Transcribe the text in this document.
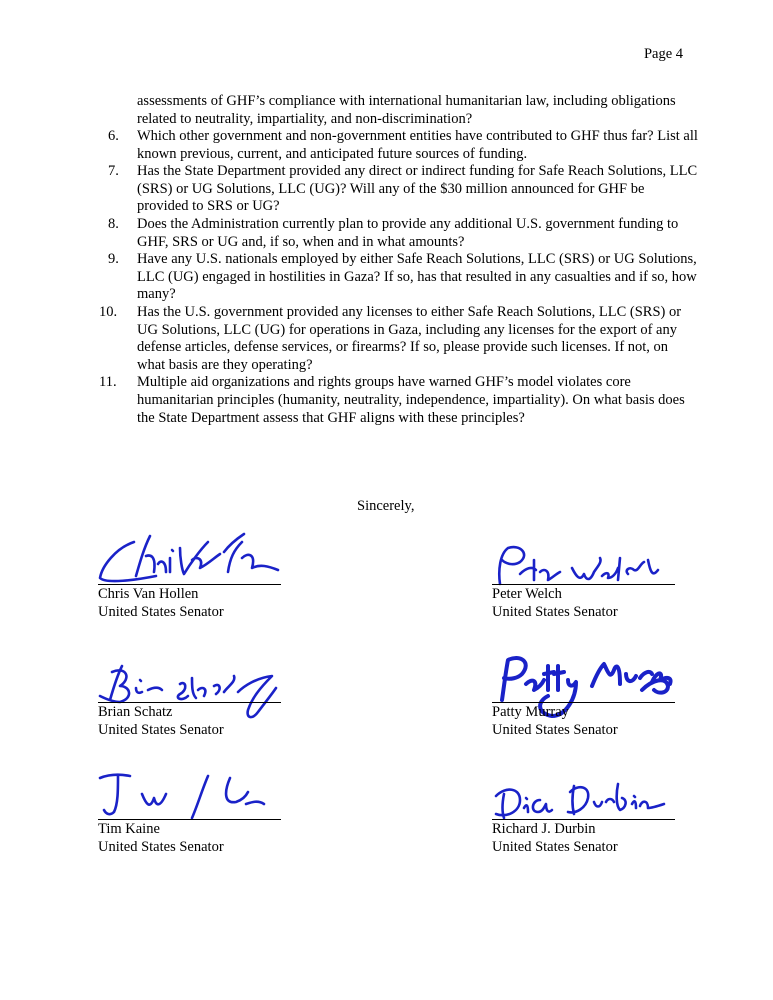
Page 4
assessments of GHF’s compliance with international humanitarian law, including obligations related to neutrality, impartiality, and non-discrimination?
6.	Which other government and non-government entities have contributed to GHF thus far? List all known previous, current, and anticipated future sources of funding.
7.	Has the State Department provided any direct or indirect funding for Safe Reach Solutions, LLC (SRS) or UG Solutions, LLC (UG)? Will any of the $30 million announced for GHF be provided to SRS or UG?
8.	Does the Administration currently plan to provide any additional U.S. government funding to GHF, SRS or UG and, if so, when and in what amounts?
9.	Have any U.S. nationals employed by either Safe Reach Solutions, LLC (SRS) or UG Solutions, LLC (UG) engaged in hostilities in Gaza? If so, has that resulted in any casualties and if so, how many?
10.	Has the U.S. government provided any licenses to either Safe Reach Solutions, LLC (SRS) or UG Solutions, LLC (UG) for operations in Gaza, including any licenses for the export of any defense articles, defense services, or firearms? If so, please provide such licenses. If not, on what basis are they operating?
11.	Multiple aid organizations and rights groups have warned GHF’s model violates core humanitarian principles (humanity, neutrality, independence, impartiality). On what basis does the State Department assess that GHF aligns with these principles?
Sincerely,
Chris Van Hollen
United States Senator
Peter Welch
United States Senator
Brian Schatz
United States Senator
Patty Murray
United States Senator
Tim Kaine
United States Senator
Richard J. Durbin
United States Senator
